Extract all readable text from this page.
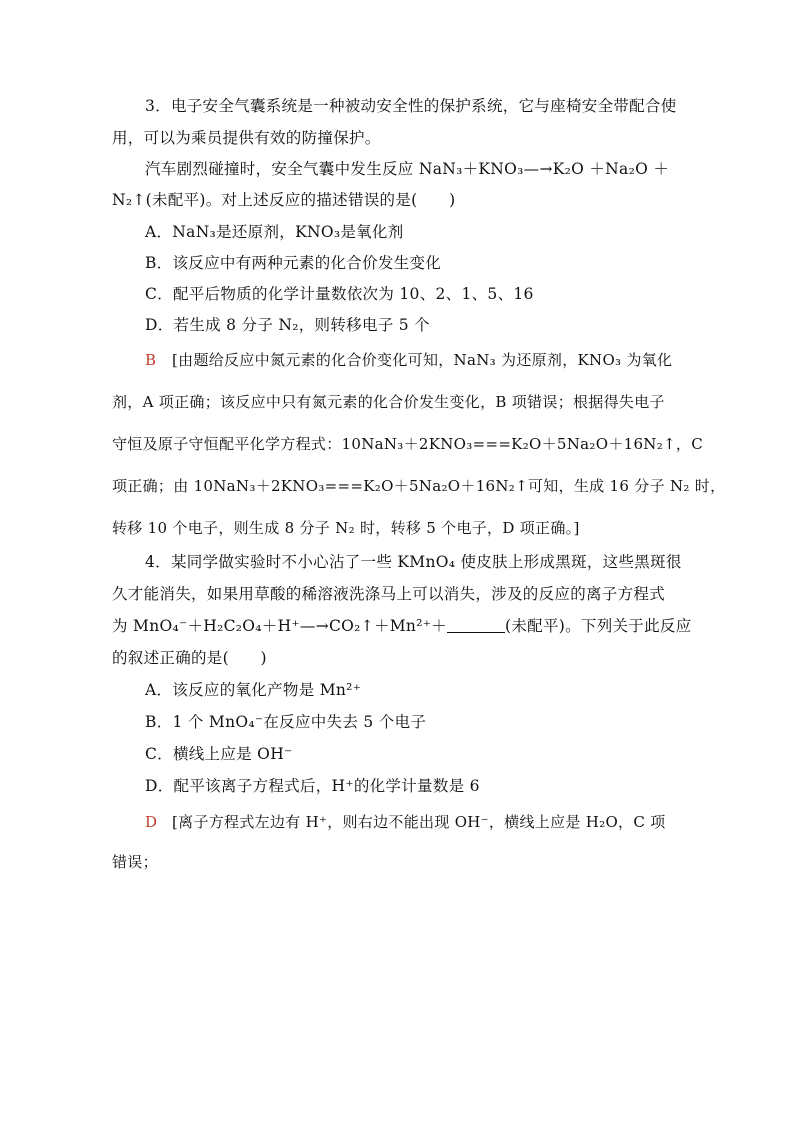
3．电子安全气囊系统是一种被动安全性的保护系统，它与座椅安全带配合使
用，可以为乘员提供有效的防撞保护。
汽车剧烈碰撞时，安全气囊中发生反应 NaN₃＋KNO₃—→K₂O ＋Na₂O ＋
N₂↑(未配平)。对上述反应的描述错误的是(　　)
A．NaN₃是还原剂，KNO₃是氧化剂
B．该反应中有两种元素的化合价发生变化
C．配平后物质的化学计量数依次为 10、2、1、5、16
D．若生成 8 分子 N₂，则转移电子 5 个
B [由题给反应中氮元素的化合价变化可知，NaN₃ 为还原剂，KNO₃ 为氧化
剂，A 项正确；该反应中只有氮元素的化合价发生变化，B 项错误；根据得失电子
守恒及原子守恒配平化学方程式：10NaN₃＋2KNO₃===K₂O＋5Na₂O＋16N₂↑，C
项正确；由 10NaN₃＋2KNO₃===K₂O＋5Na₂O＋16N₂↑可知，生成 16 分子 N₂ 时，
转移 10 个电子，则生成 8 分子 N₂ 时，转移 5 个电子，D 项正确。]
4．某同学做实验时不小心沾了一些 KMnO₄ 使皮肤上形成黑斑，这些黑斑很
久才能消失，如果用草酸的稀溶液洗涤马上可以消失，涉及的反应的离子方程式
为 MnO₄⁻＋H₂C₂O₄＋H⁺—→CO₂↑＋Mn²⁺＋	(未配平)。下列关于此反应
的叙述正确的是(　　)
A．该反应的氧化产物是 Mn²⁺
B．1 个 MnO₄⁻在反应中失去 5 个电子
C．横线上应是 OH⁻
D．配平该离子方程式后，H⁺的化学计量数是 6
D [离子方程式左边有 H⁺，则右边不能出现 OH⁻，横线上应是 H₂O，C 项
错误；
